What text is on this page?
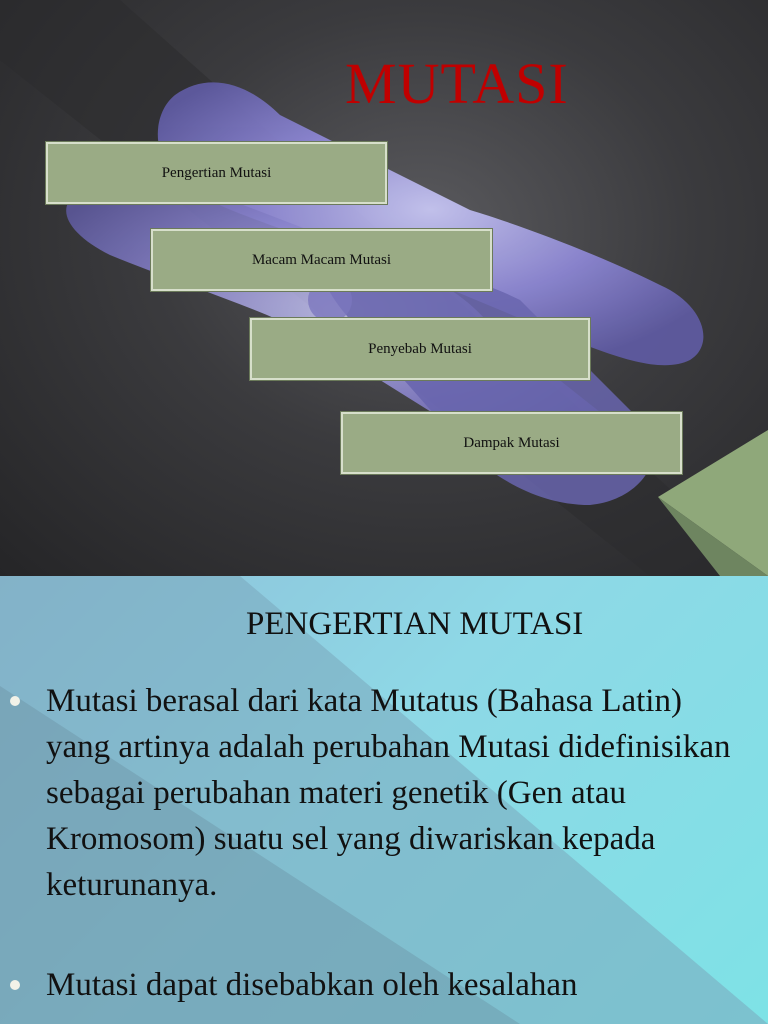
MUTASI
Pengertian Mutasi
Macam Macam Mutasi
Penyebab Mutasi
Dampak Mutasi
PENGERTIAN MUTASI

Mutasi berasal dari kata Mutatus (Bahasa Latin) yang artinya adalah perubahan Mutasi didefinisikan sebagai perubahan materi genetik (Gen atau Kromosom) suatu sel yang diwariskan kepada keturunanya.

Mutasi dapat disebabkan oleh kesalahan
